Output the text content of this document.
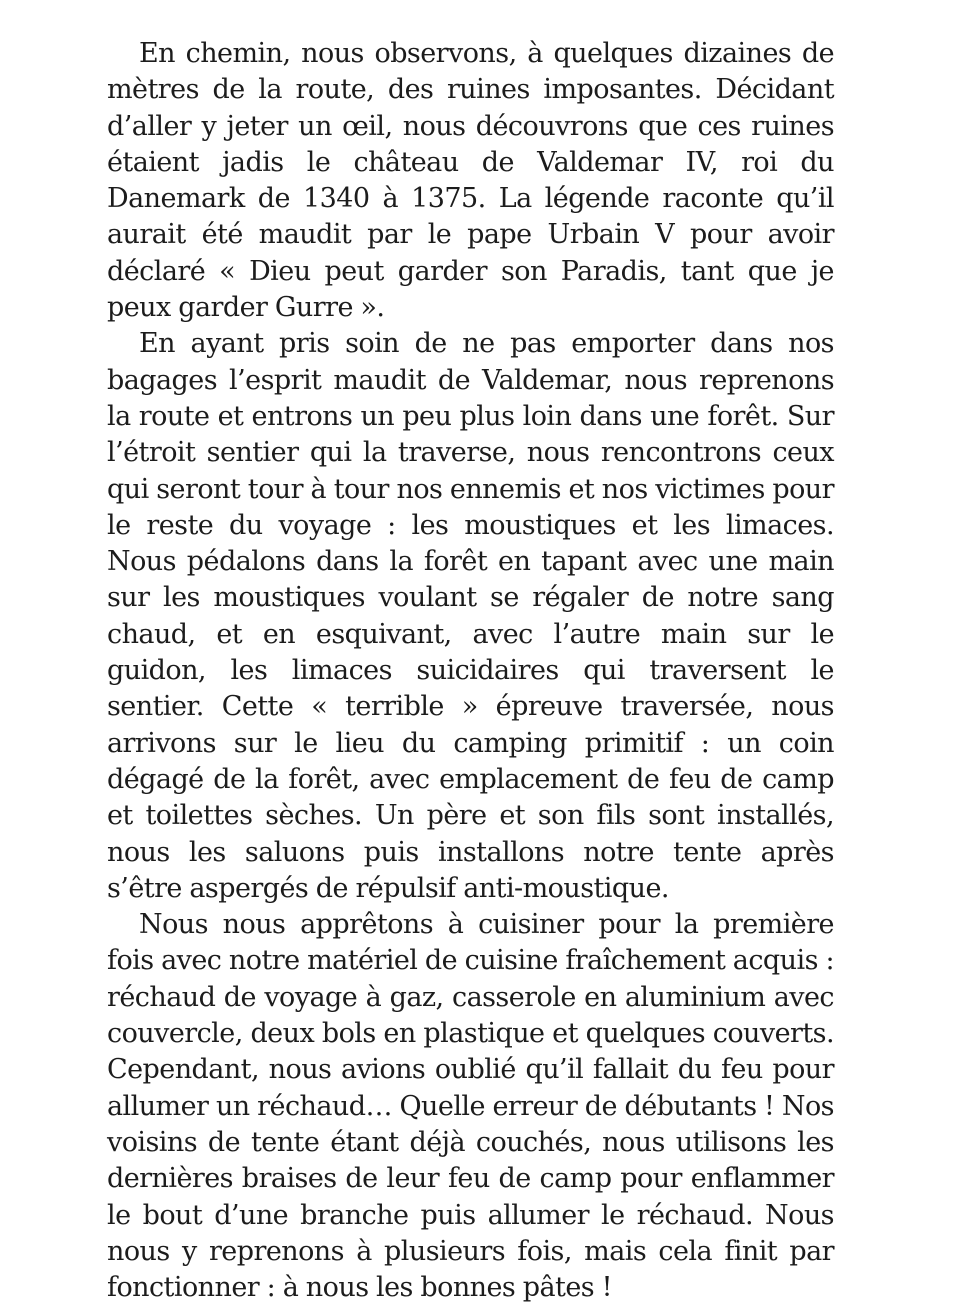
En chemin, nous observons, à quelques dizaines de mètres de la route, des ruines imposantes. Décidant d’aller y jeter un œil, nous découvrons que ces ruines étaient jadis le château de Valdemar IV, roi du Danemark de 1340 à 1375. La légende raconte qu’il aurait été maudit par le pape Urbain V pour avoir déclaré « Dieu peut garder son Paradis, tant que je peux garder Gurre ».

En ayant pris soin de ne pas emporter dans nos bagages l’esprit maudit de Valdemar, nous reprenons la route et entrons un peu plus loin dans une forêt. Sur l’étroit sentier qui la traverse, nous rencontrons ceux qui seront tour à tour nos ennemis et nos victimes pour le reste du voyage : les moustiques et les limaces. Nous pédalons dans la forêt en tapant avec une main sur les moustiques voulant se régaler de notre sang chaud, et en esquivant, avec l’autre main sur le guidon, les limaces suicidaires qui traversent le sentier. Cette « terrible » épreuve traversée, nous arrivons sur le lieu du camping primitif : un coin dégagé de la forêt, avec emplacement de feu de camp et toilettes sèches. Un père et son fils sont installés, nous les saluons puis installons notre tente après s’être aspergés de répulsif anti-moustique.

Nous nous apprêtons à cuisiner pour la première fois avec notre matériel de cuisine fraîchement acquis : réchaud de voyage à gaz, casserole en aluminium avec couvercle, deux bols en plastique et quelques couverts. Cependant, nous avions oublié qu’il fallait du feu pour allumer un réchaud… Quelle erreur de débutants ! Nos voisins de tente étant déjà couchés, nous utilisons les dernières braises de leur feu de camp pour enflammer le bout d’une branche puis allumer le réchaud. Nous nous y reprenons à plusieurs fois, mais cela finit par fonctionner : à nous les bonnes pâtes !
